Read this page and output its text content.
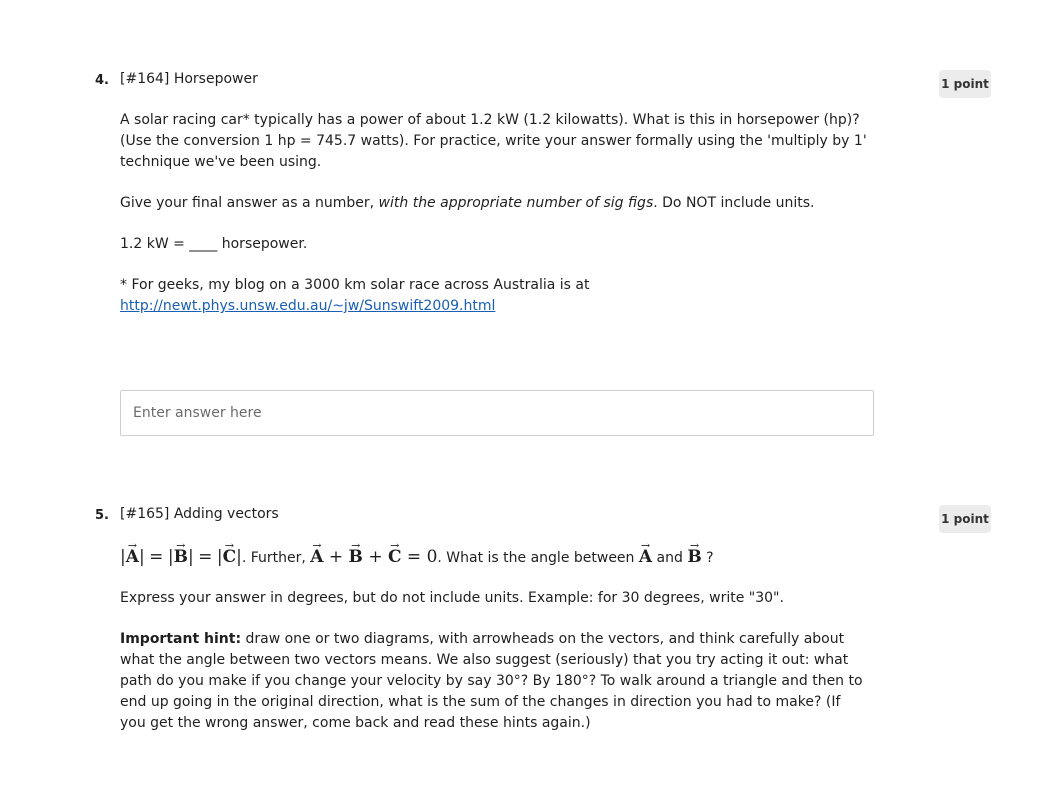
4. [#164] Horsepower	1 point

A solar racing car* typically has a power of about 1.2 kW (1.2 kilowatts). What is this in horsepower (hp)? (Use the conversion 1 hp = 745.7 watts). For practice, write your answer formally using the 'multiply by 1' technique we've been using.

Give your final answer as a number, with the appropriate number of sig figs. Do NOT include units.

1.2 kW = ____ horsepower.

* For geeks, my blog on a 3000 km solar race across Australia is at
http://newt.phys.unsw.edu.au/~jw/Sunswift2009.html

Enter answer here
5. [#165] Adding vectors	1 point

|→ A| = |→ B| = |→ C|. Further, → A + → B + → C = 0. What is the angle between → A and → B ?

Express your answer in degrees, but do not include units. Example: for 30 degrees, write "30".

Important hint: draw one or two diagrams, with arrowheads on the vectors, and think carefully about what the angle between two vectors means. We also suggest (seriously) that you try acting it out: what path do you make if you change your velocity by say 30°? By 180°? To walk around a triangle and then to end up going in the original direction, what is the sum of the changes in direction you had to make? (If you get the wrong answer, come back and read these hints again.)
